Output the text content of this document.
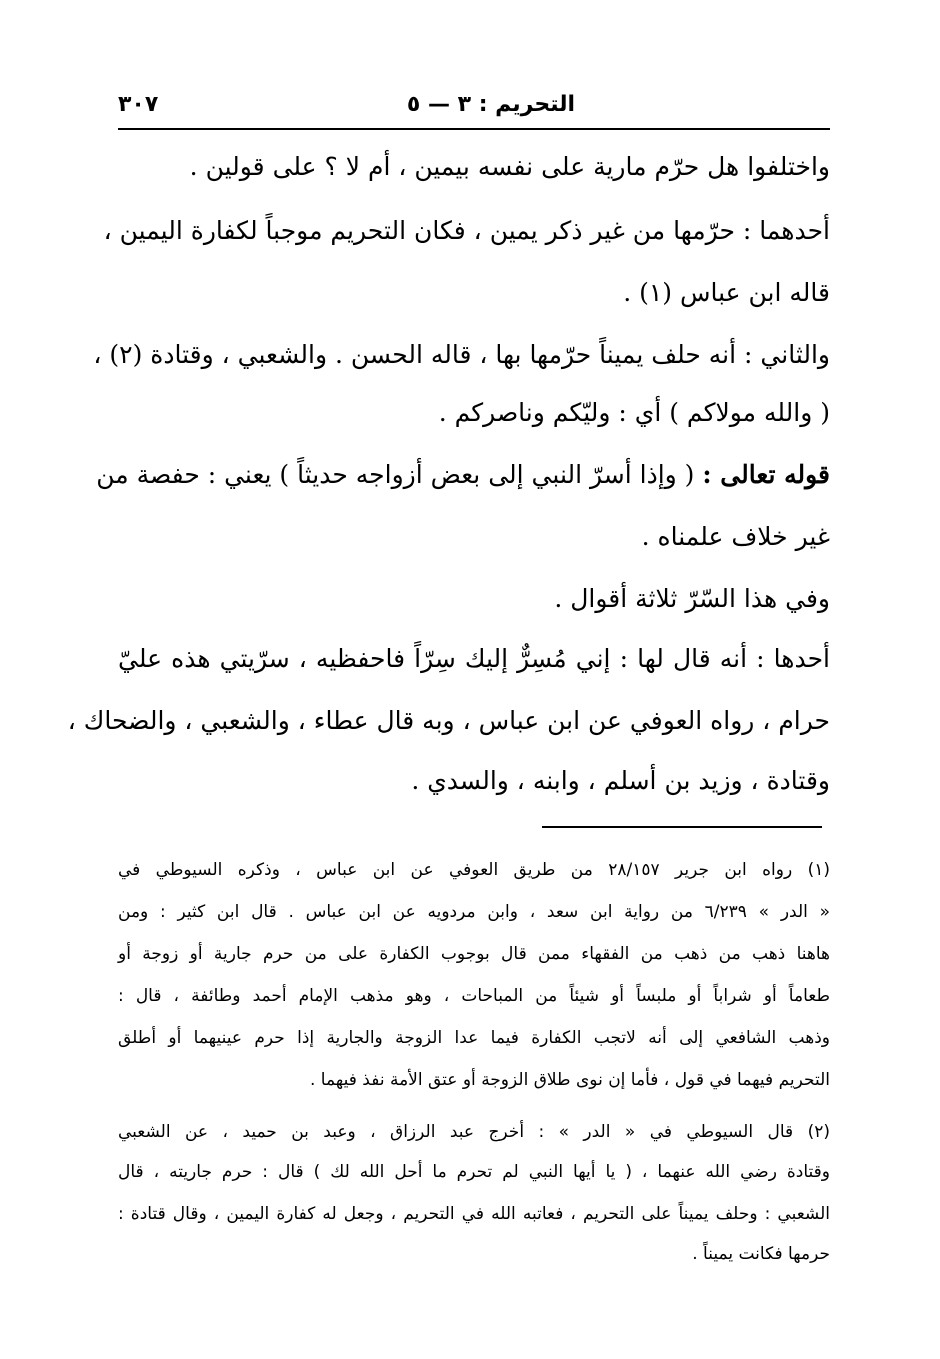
التحريم : ٣ — ٥
٣٠٧
واختلفوا هل حرّم مارية على نفسه بيمين ، أم لا ؟ على قولين .
أحدهما : حرّمها من غير ذكر يمين ، فكان التحريم موجباً لكفارة اليمين ،
قاله ابن عباس (١) .
والثاني : أنه حلف يميناً حرّمها بها ، قاله الحسن . والشعبي ، وقتادة (٢) ،
( والله مولاكم ) أي : وليّكم وناصركم .
قوله تعالى : ( وإذا أسرّ النبي إلى بعض أزواجه حديثاً ) يعني : حفصة من
غير خلاف علمناه .
وفي هذا السّرّ ثلاثة أقوال .
أحدها : أنه قال لها : إني مُسِرٌّ إليك سِرّاً فاحفظيه ، سرّيتي هذه عليّ
حرام ، رواه العوفي عن ابن عباس ، وبه قال عطاء ، والشعبي ، والضحاك ،
وقتادة ، وزيد بن أسلم ، وابنه ، والسدي .
(١) رواه ابن جرير ٢٨/١٥٧ من طريق العوفي عن ابن عباس ، وذكره السيوطي في
« الدر » ٦/٢٣٩ من رواية ابن سعد ، وابن مردويه عن ابن عباس . قال ابن كثير : ومن
هاهنا ذهب من ذهب من الفقهاء ممن قال بوجوب الكفارة على من حرم جارية أو زوجة أو
طعاماً أو شراباً أو ملبساً أو شيئاً من المباحات ، وهو مذهب الإمام أحمد وطائفة ، قال :
وذهب الشافعي إلى أنه لاتجب الكفارة فيما عدا الزوجة والجارية إذا حرم عينيهما أو أطلق
التحريم فيهما في قول ، فأما إن نوى طلاق الزوجة أو عتق الأمة نفذ فيهما .
(٢) قال السيوطي في « الدر » : أخرج عبد الرزاق ، وعبد بن حميد ، عن الشعبي
وقتادة رضي الله عنهما ، ( يا أيها النبي لم تحرم ما أحل الله لك ) قال : حرم جاريته ، قال
الشعبي : وحلف يميناً على التحريم ، فعاتبه الله في التحريم ، وجعل له كفارة اليمين ، وقال قتادة :
حرمها فكانت يميناً .
